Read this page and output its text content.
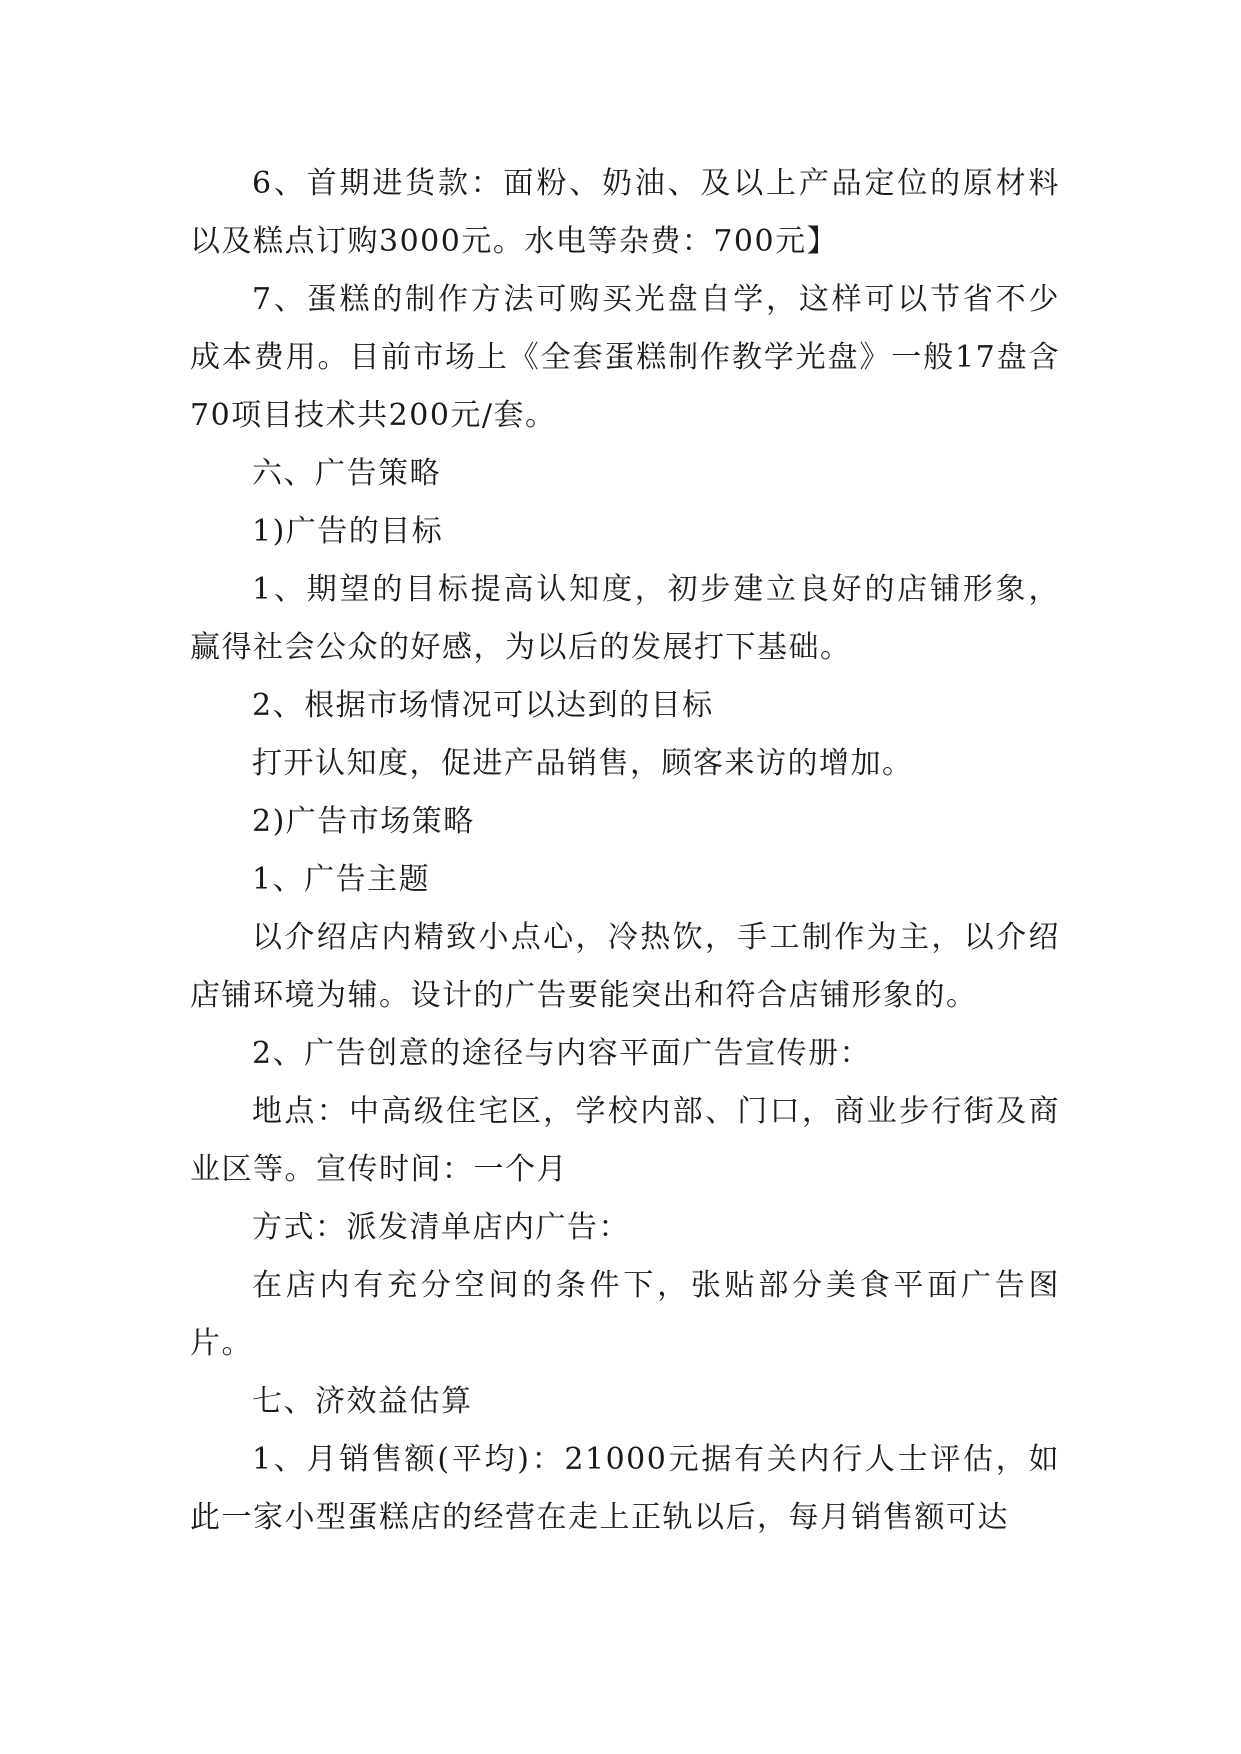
6、首期进货款：面粉、奶油、及以上产品定位的原材料以及糕点订购3000元。水电等杂费：700元】

7、蛋糕的制作方法可购买光盘自学，这样可以节省不少成本费用。目前市场上《全套蛋糕制作教学光盘》一般17盘含70项目技术共200元/套。

六、广告策略

1)广告的目标

1、期望的目标提高认知度，初步建立良好的店铺形象，赢得社会公众的好感，为以后的发展打下基础。

2、根据市场情况可以达到的目标

打开认知度，促进产品销售，顾客来访的增加。

2)广告市场策略

1、广告主题

以介绍店内精致小点心，冷热饮，手工制作为主，以介绍店铺环境为辅。设计的广告要能突出和符合店铺形象的。

2、广告创意的途径与内容平面广告宣传册：

地点：中高级住宅区，学校内部、门口，商业步行街及商业区等。宣传时间：一个月

方式：派发清单店内广告：

在店内有充分空间的条件下，张贴部分美食平面广告图片。

七、济效益估算

1、月销售额(平均)：21000元据有关内行人士评估，如此一家小型蛋糕店的经营在走上正轨以后，每月销售额可达
